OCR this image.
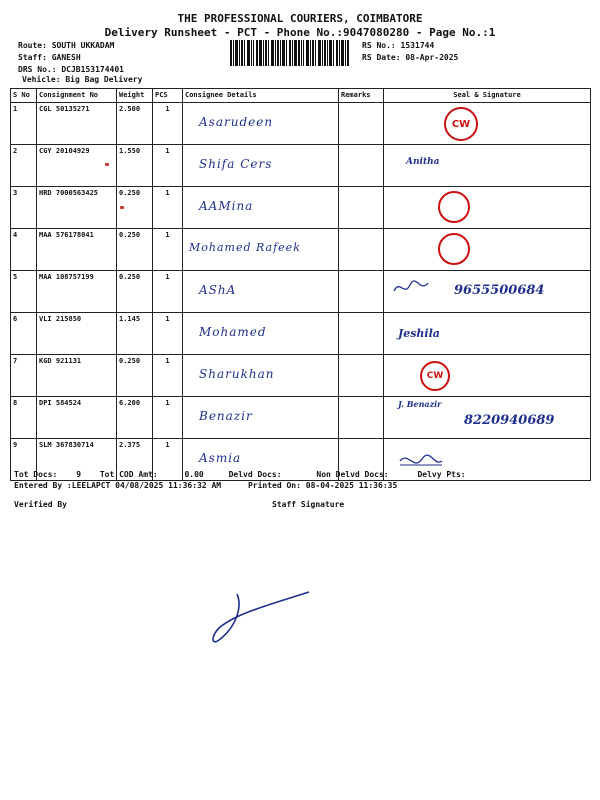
THE PROFESSIONAL COURIERS, COIMBATORE
Delivery Runsheet - PCT - Phone No.:9047080280 - Page No.:1
Route: SOUTH UKKADAM
Staff: GANESH
DRS No.: DCJB153174401
Vehicle: Big Bag Delivery
RS No.: 1531744
RS Date: 08-Apr-2025
S No	Consignment No	Weight	PCS	Consignee Details	Remarks	Seal & Signature
1	CGL 50135271	2.500	1	Asarudeen		CW

2	CGY 20104929	1.550	1	Shifa Cers		Anitha

3	HRD 7000563425	0.250	1	AAMina		

4	MAA 576178041	0.250	1	Mohamed Rafeek		

5	MAA 108757199	0.250	1	AShA		9655500684

6	VLI 215850	1.145	1	Mohamed		Jeshila

7	KGD 921131	0.250	1	Sharukhan		CW

8	DPI 584524	6.200	1	Benazir		J. Benazir
8220940689

9	SLM 367830714	2.375	1	Asmia

Tot Docs: 9 Tot COD Amt:	0.00	Delvd Docs:	Non Delvd Docs:	Delvy Pts:
Entered By :LEELAPCT 04/08/2025 11:36:32 AM	Printed On: 08-04-2025 11:36:35
Verified By	Staff Signature
